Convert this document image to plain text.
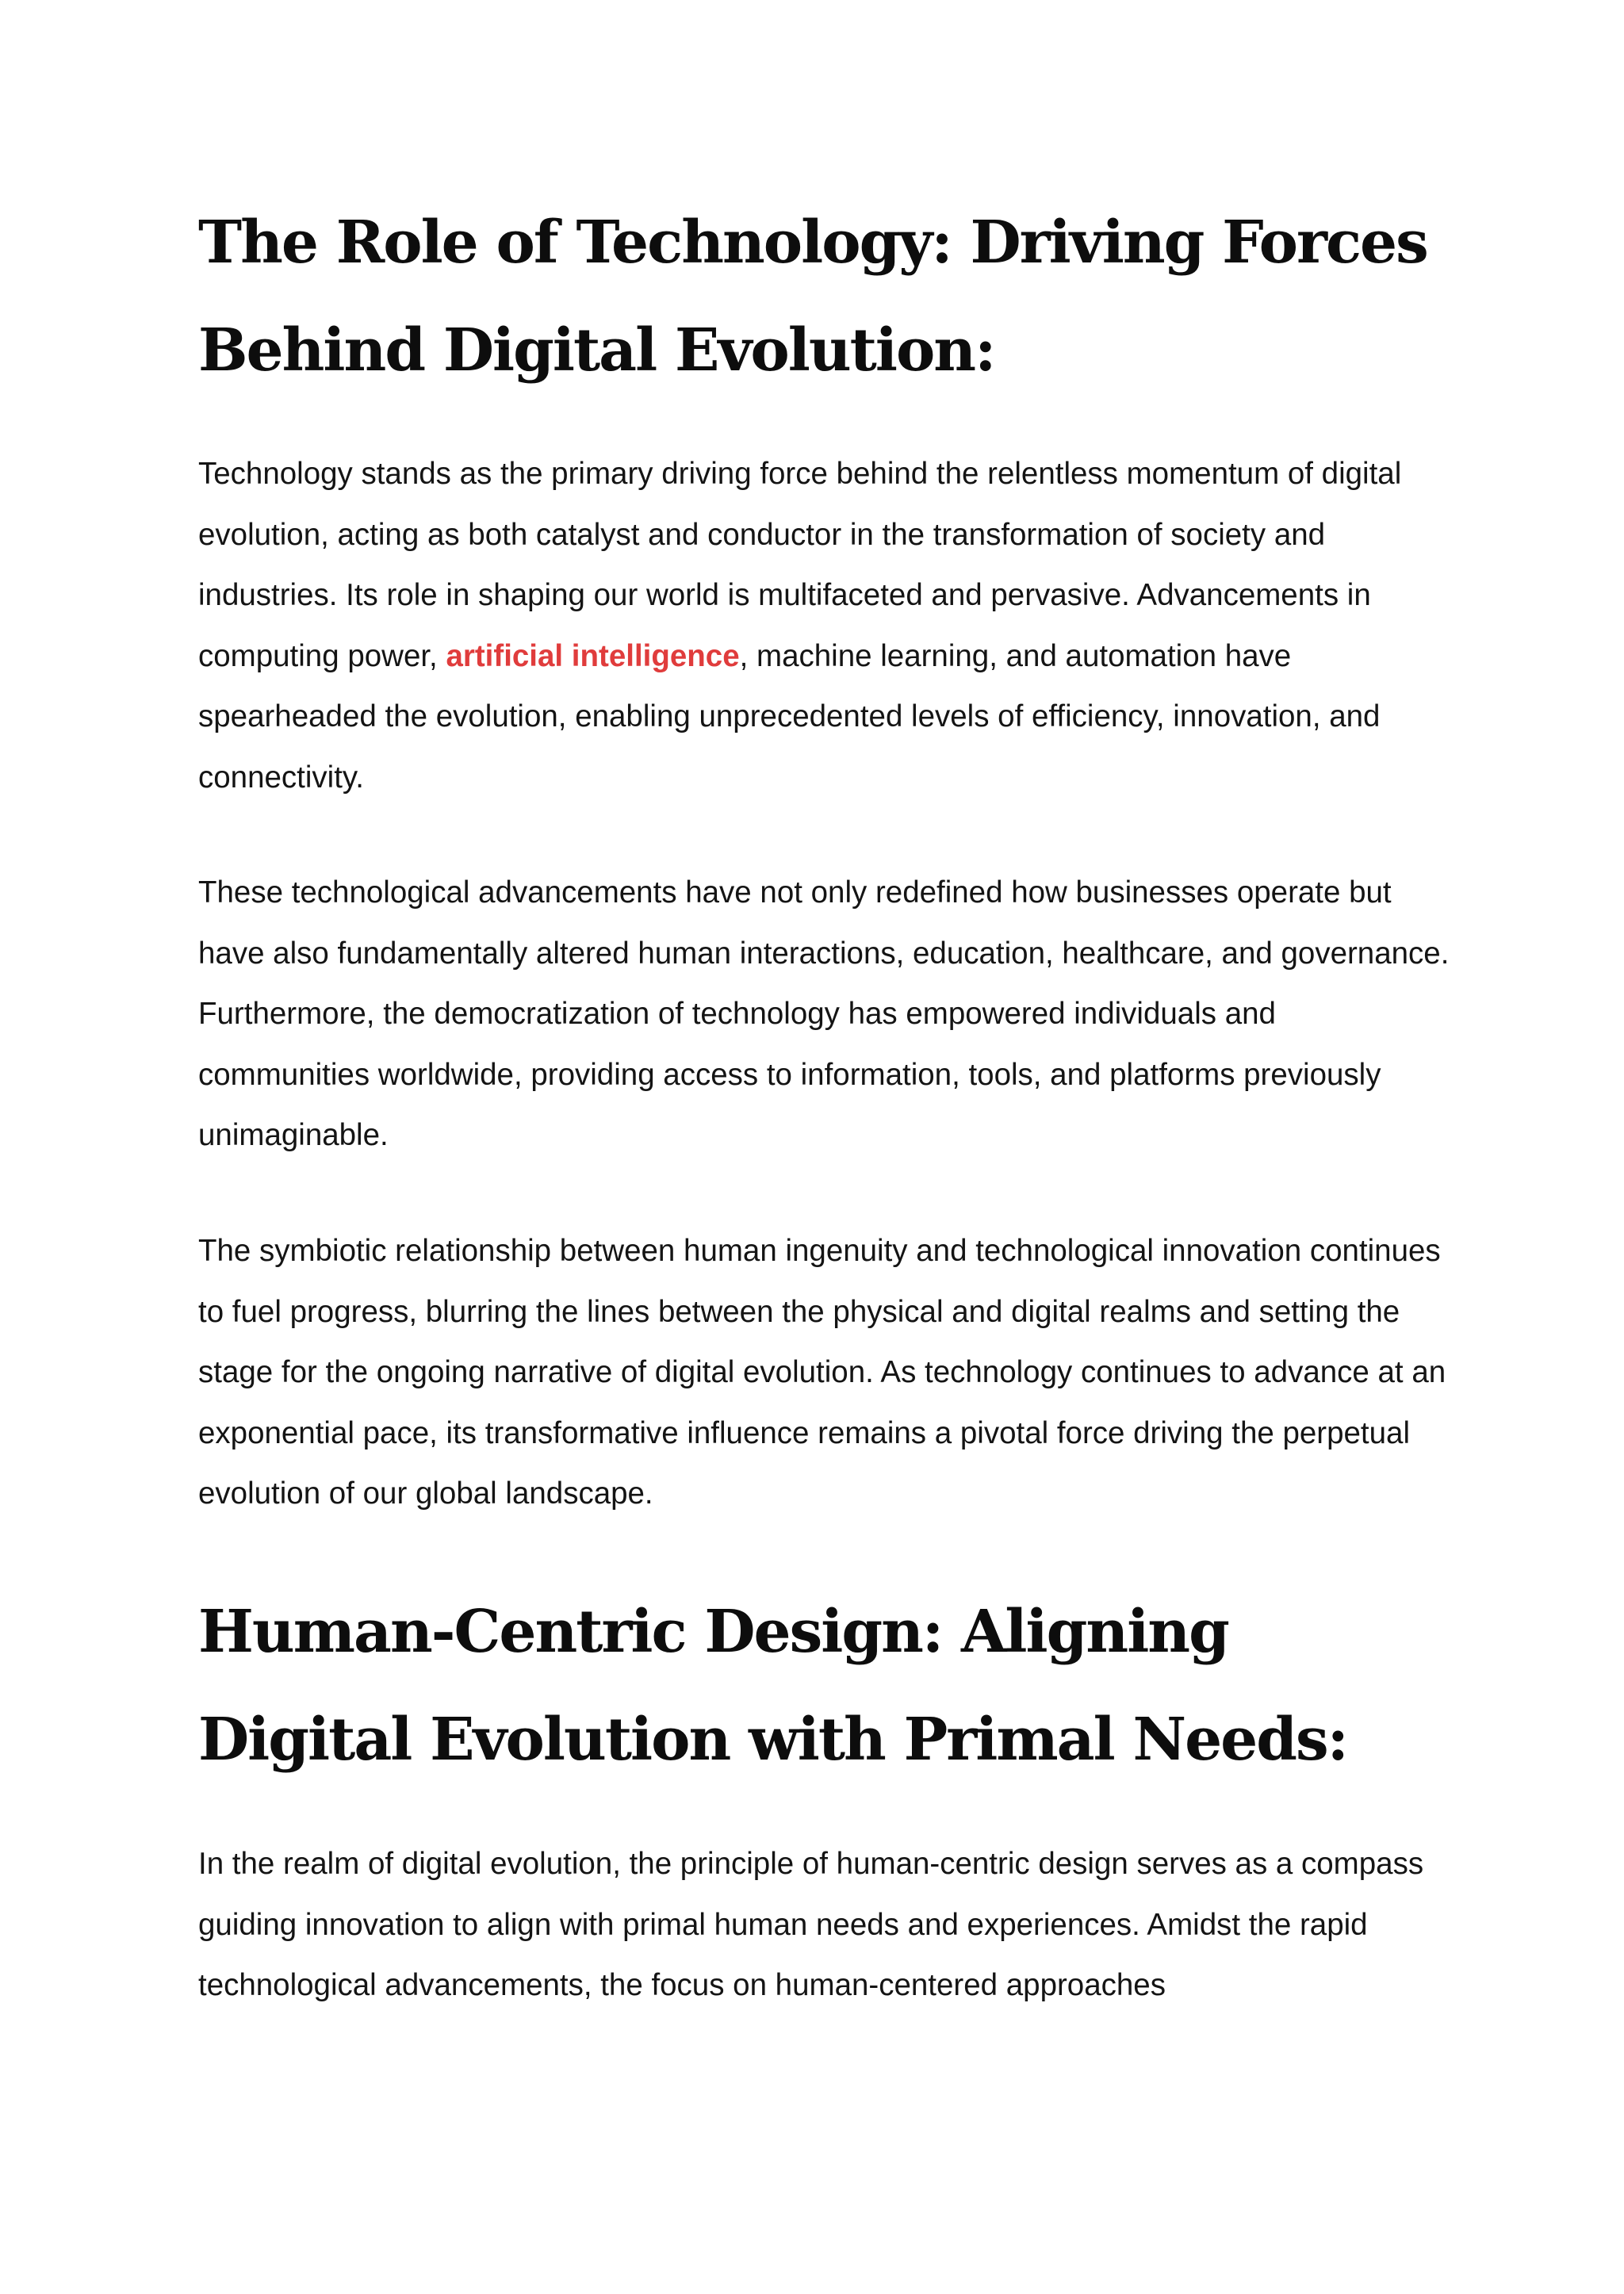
The Role of Technology: Driving Forces Behind Digital Evolution:

Technology stands as the primary driving force behind the relentless momentum of digital evolution, acting as both catalyst and conductor in the transformation of society and industries. Its role in shaping our world is multifaceted and pervasive. Advancements in computing power, artificial intelligence, machine learning, and automation have spearheaded the evolution, enabling unprecedented levels of efficiency, innovation, and connectivity.

These technological advancements have not only redefined how businesses operate but have also fundamentally altered human interactions, education, healthcare, and governance. Furthermore, the democratization of technology has empowered individuals and communities worldwide, providing access to information, tools, and platforms previously unimaginable.

The symbiotic relationship between human ingenuity and technological innovation continues to fuel progress, blurring the lines between the physical and digital realms and setting the stage for the ongoing narrative of digital evolution. As technology continues to advance at an exponential pace, its transformative influence remains a pivotal force driving the perpetual evolution of our global landscape.

Human-Centric Design: Aligning Digital Evolution with Primal Needs:

In the realm of digital evolution, the principle of human-centric design serves as a compass guiding innovation to align with primal human needs and experiences. Amidst the rapid technological advancements, the focus on human-centered approaches
